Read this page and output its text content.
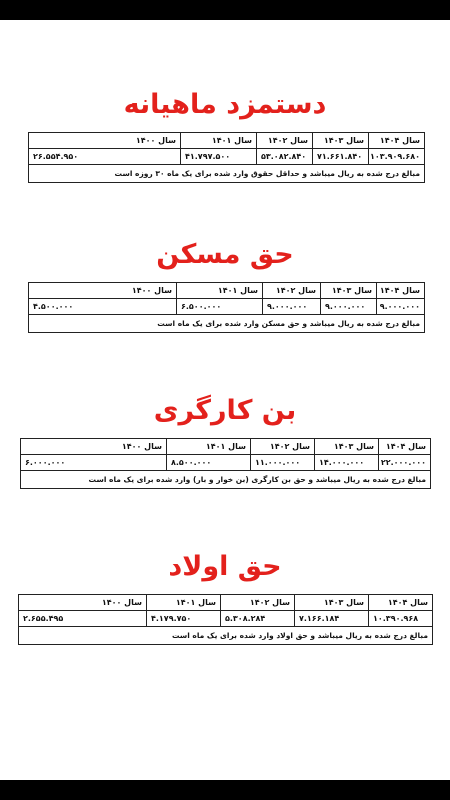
دستمزد ماهیانه
سال ۱۴۰۴	سال ۱۴۰۳	سال ۱۴۰۲	سال ۱۴۰۱	سال ۱۴۰۰
۱۰۳.۹۰۹.۶۸۰	۷۱.۶۶۱.۸۴۰	۵۳.۰۸۲.۸۴۰	۴۱.۷۹۷.۵۰۰	۲۶.۵۵۴.۹۵۰
مبالغ درج شده به ریال میباشد و حداقل حقوق وارد شده برای یک ماه ۳۰ روزه است				
حق مسکن
سال ۱۴۰۴	سال ۱۴۰۳	سال ۱۴۰۲	سال ۱۴۰۱	سال ۱۴۰۰
۹.۰۰۰.۰۰۰	۹.۰۰۰.۰۰۰	۹.۰۰۰.۰۰۰	۶.۵۰۰.۰۰۰	۴.۵۰۰.۰۰۰
مبالغ درج شده به ریال میباشد و حق مسکن وارد شده برای یک ماه است				
بن کارگری
سال ۱۴۰۴	سال ۱۴۰۳	سال ۱۴۰۲	سال ۱۴۰۱	سال ۱۴۰۰
۲۲.۰۰۰.۰۰۰	۱۴.۰۰۰.۰۰۰	۱۱.۰۰۰.۰۰۰	۸.۵۰۰.۰۰۰	۶.۰۰۰.۰۰۰
مبالغ درج شده به ریال میباشد و حق بن کارگری (بن خوار و بار) وارد شده برای یک ماه است				
حق اولاد
سال ۱۴۰۴	سال ۱۴۰۳	سال ۱۴۰۲	سال ۱۴۰۱	سال ۱۴۰۰
۱۰.۳۹۰.۹۶۸	۷.۱۶۶.۱۸۴	۵.۳۰۸.۲۸۴	۴.۱۷۹.۷۵۰	۲.۶۵۵.۴۹۵
مبالغ درج شده به ریال میباشد و حق اولاد وارد شده برای یک ماه است				
